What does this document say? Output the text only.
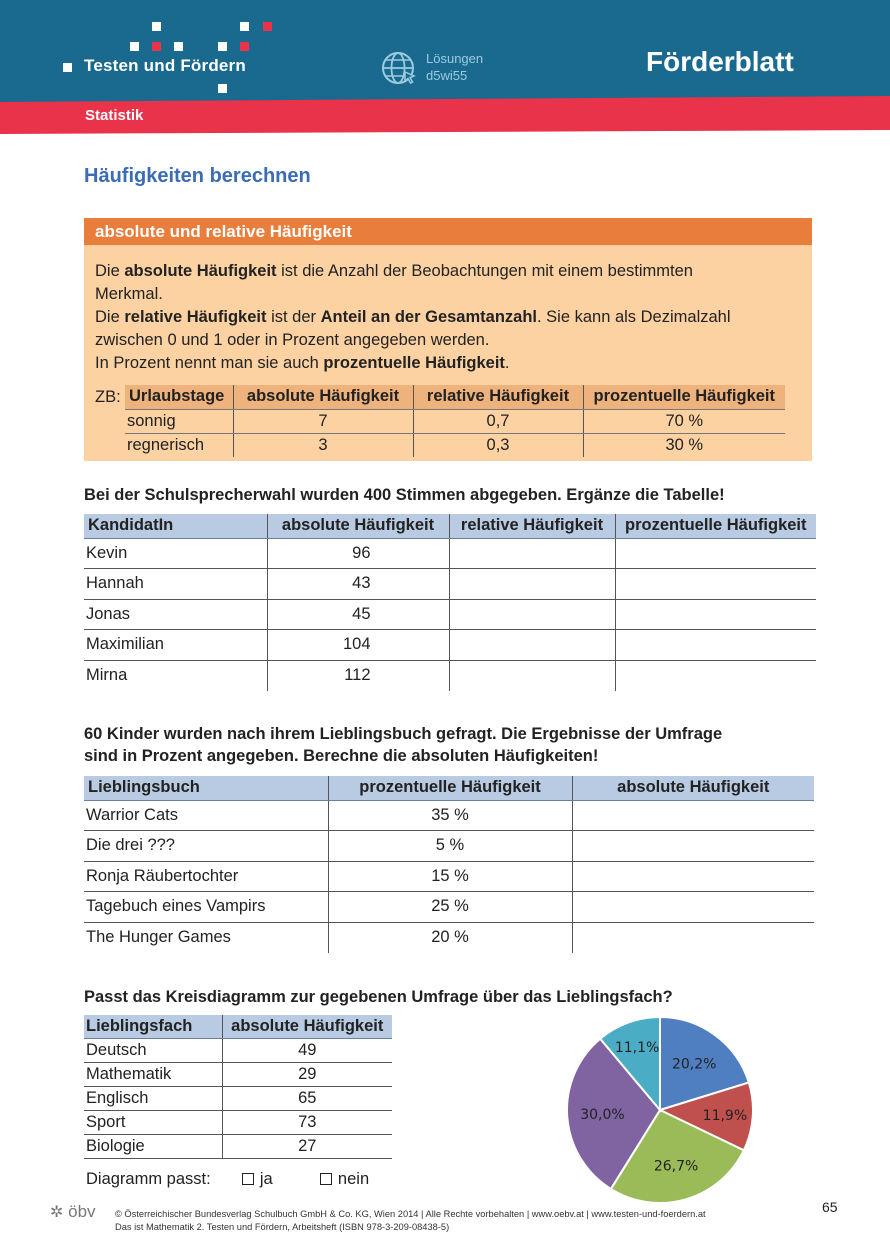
Testen und Fördern	Lösungen
d5wi55	Förderblatt
Statistik
Häufigkeiten berechnen
absolute und relative Häufigkeit
Die absolute Häufigkeit ist die Anzahl der Beobachtungen mit einem bestimmten
Merkmal.
Die relative Häufigkeit ist der Anteil an der Gesamtanzahl. Sie kann als Dezimalzahl
zwischen 0 und 1 oder in Prozent angegeben werden.
In Prozent nennt man sie auch prozentuelle Häufigkeit.
ZB: Urlaubstage	absolute Häufigkeit	relative Häufigkeit	prozentuelle Häufigkeit
sonnig	7	0,7	70 %
regnerisch	3	0,3	30 %
Bei der Schulsprecherwahl wurden 400 Stimmen abgegeben. Ergänze die Tabelle!
KandidatIn	absolute Häufigkeit	relative Häufigkeit	prozentuelle Häufigkeit
Kevin	96		
Hannah	43		
Jonas	45		
Maximilian	104		
Mirna	112		
60 Kinder wurden nach ihrem Lieblingsbuch gefragt. Die Ergebnisse der Umfrage
sind in Prozent angegeben. Berechne die absoluten Häufigkeiten!
Lieblingsbuch	prozentuelle Häufigkeit	absolute Häufigkeit
Warrior Cats	35 %	
Die drei ???	5 %	
Ronja Räubertochter	15 %	
Tagebuch eines Vampirs	25 %	
The Hunger Games	20 %	
Passt das Kreisdiagramm zur gegebenen Umfrage über das Lieblingsfach?
Lieblingsfach	absolute Häufigkeit
Deutsch	49
Mathematik	29
Englisch	65
Sport	73
Biologie	27
Diagramm passt:	ja	nein
20,2%
11,9%
26,7%
30,0%
11,1%
✲ öbv © Österreichischer Bundesverlag Schulbuch GmbH & Co. KG, Wien 2014 | Alle Rechte vorbehalten | www.oebv.at | www.testen-und-foerdern.at
Das ist Mathematik 2. Testen und Fördern, Arbeitsheft (ISBN 978-3-209-08438-5)
65
